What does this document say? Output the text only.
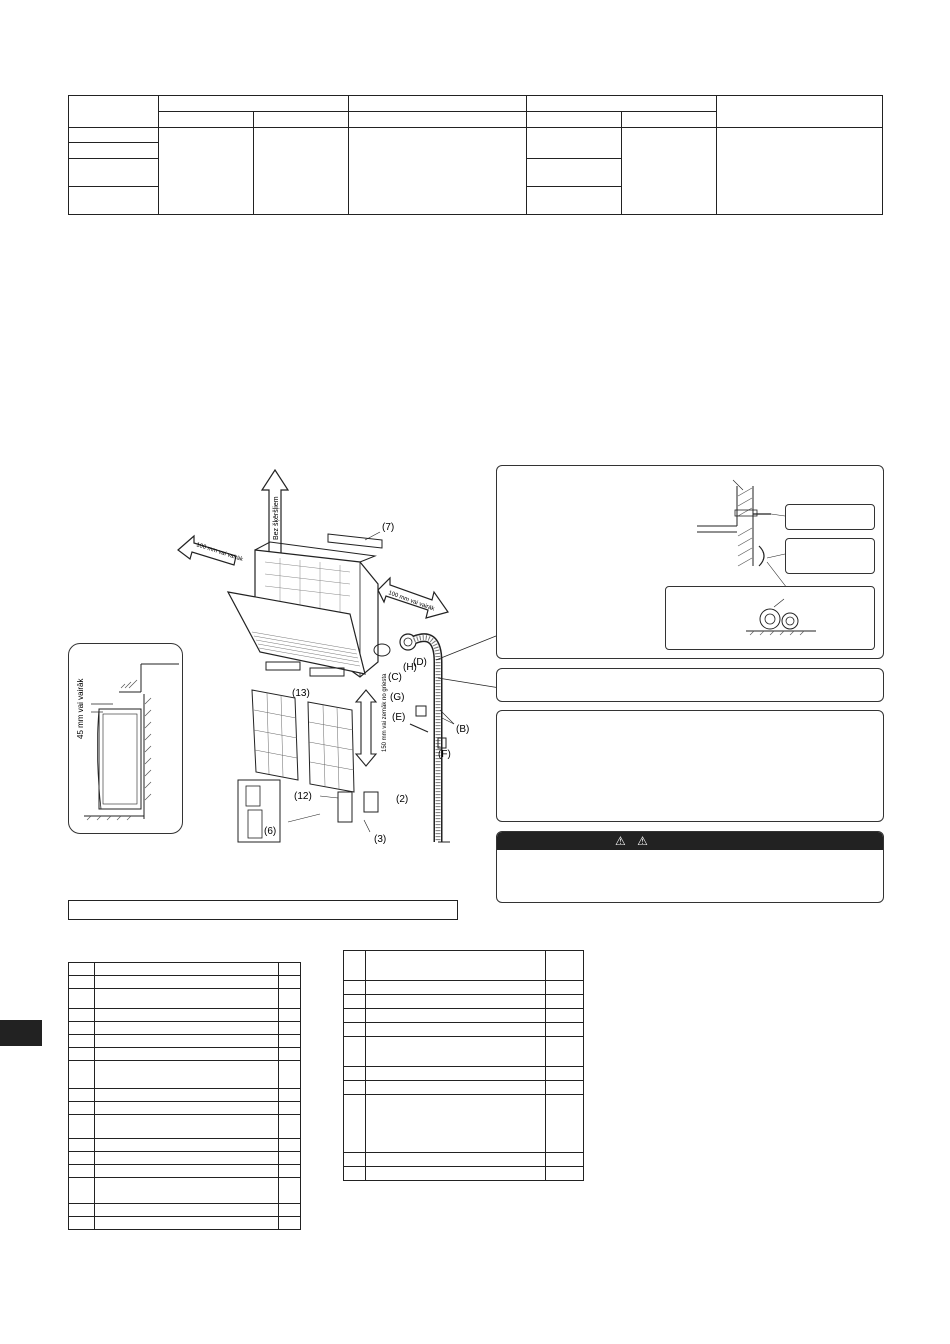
45 mm vai vairāk
Bez šķēršļiem
100 mm vai vairāk
100 mm vai vairāk
(7)
(C)
(H)
(D)
(G)
(E)
(B)
(F)
(13)	150 mm vai zemāk no griesta
(6)
(12)	(2)
(3)	⚠ ⚠
